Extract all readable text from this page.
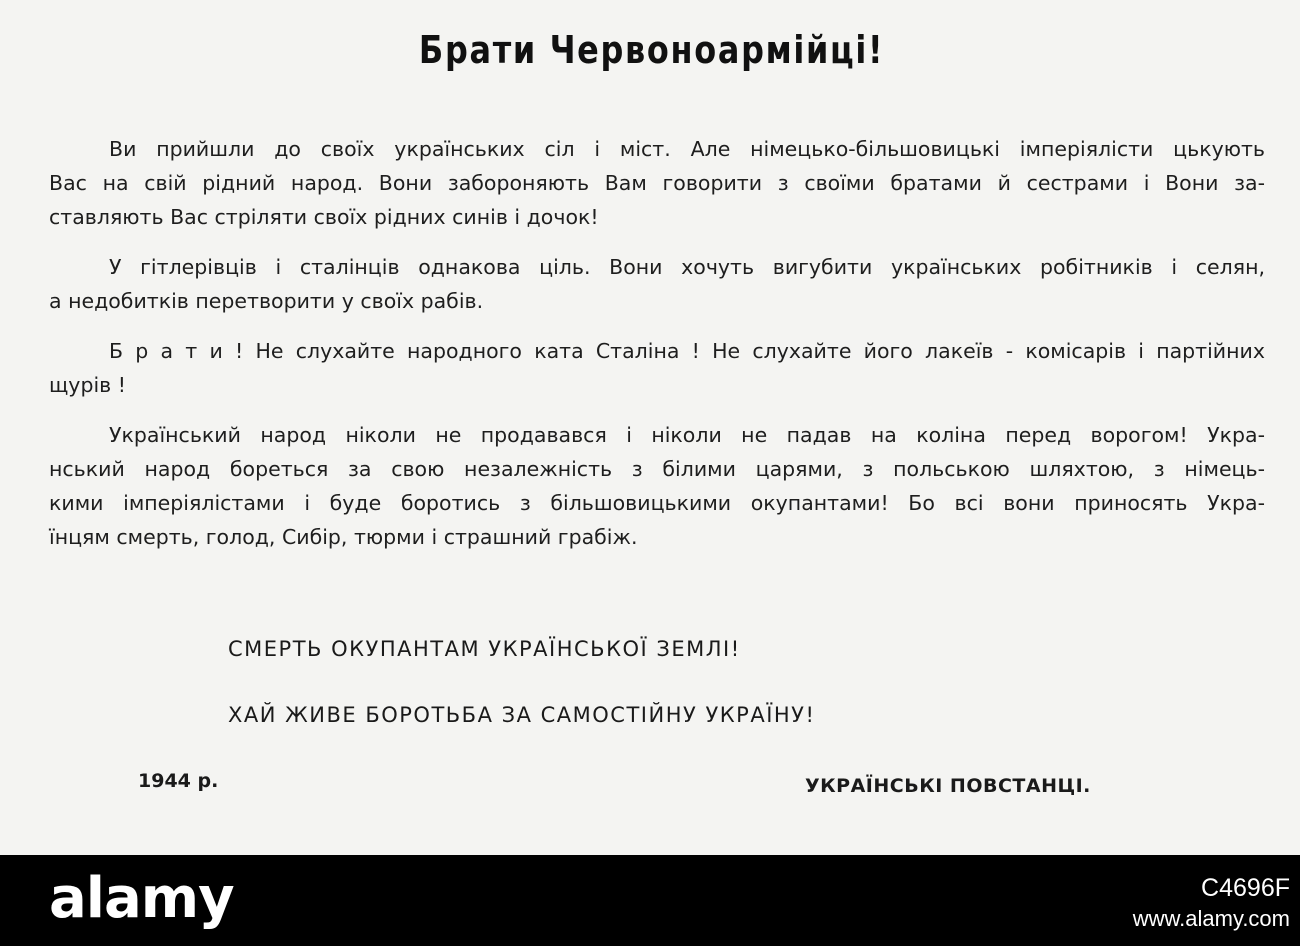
Брати Червоноармійці!
Ви прийшли до своїх українських сіл і міст. Але німецько-більшовицькі імперіялісти цькують
Вас на свій рідний народ. Вони забороняють Вам говорити з своїми братами й сестрами і Вони за-
ставляють Вас стріляти своїх рідних синів і дочок!
У гітлерівців і сталінців однакова ціль. Вони хочуть вигубити українських робітників і селян,
а недобитків перетворити у своїх рабів.
Б р а т и ! Не слухайте народного ката Сталіна ! Не слухайте його лакеїв - комісарів і партійних
щурів !
Український народ ніколи не продавався і ніколи не падав на коліна перед ворогом! Укра-
нський народ бореться за свою незалежність з білими царями, з польською шляхтою, з німець-
кими імперіялістами і буде боротись з більшовицькими окупантами! Бо всі вони приносять Укра-
їнцям смерть, голод, Сибір, тюрми і страшний грабіж.
СМЕРТЬ ОКУПАНТАМ УКРАЇНСЬКОЇ ЗЕМЛІ!
ХАЙ ЖИВЕ БОРОТЬБА ЗА САМОСТІЙНУ УКРАЇНУ!
1944 р.	УКРАЇНСЬКІ ПОВСТАНЦІ.
alamy	C4696F
www.alamy.com
